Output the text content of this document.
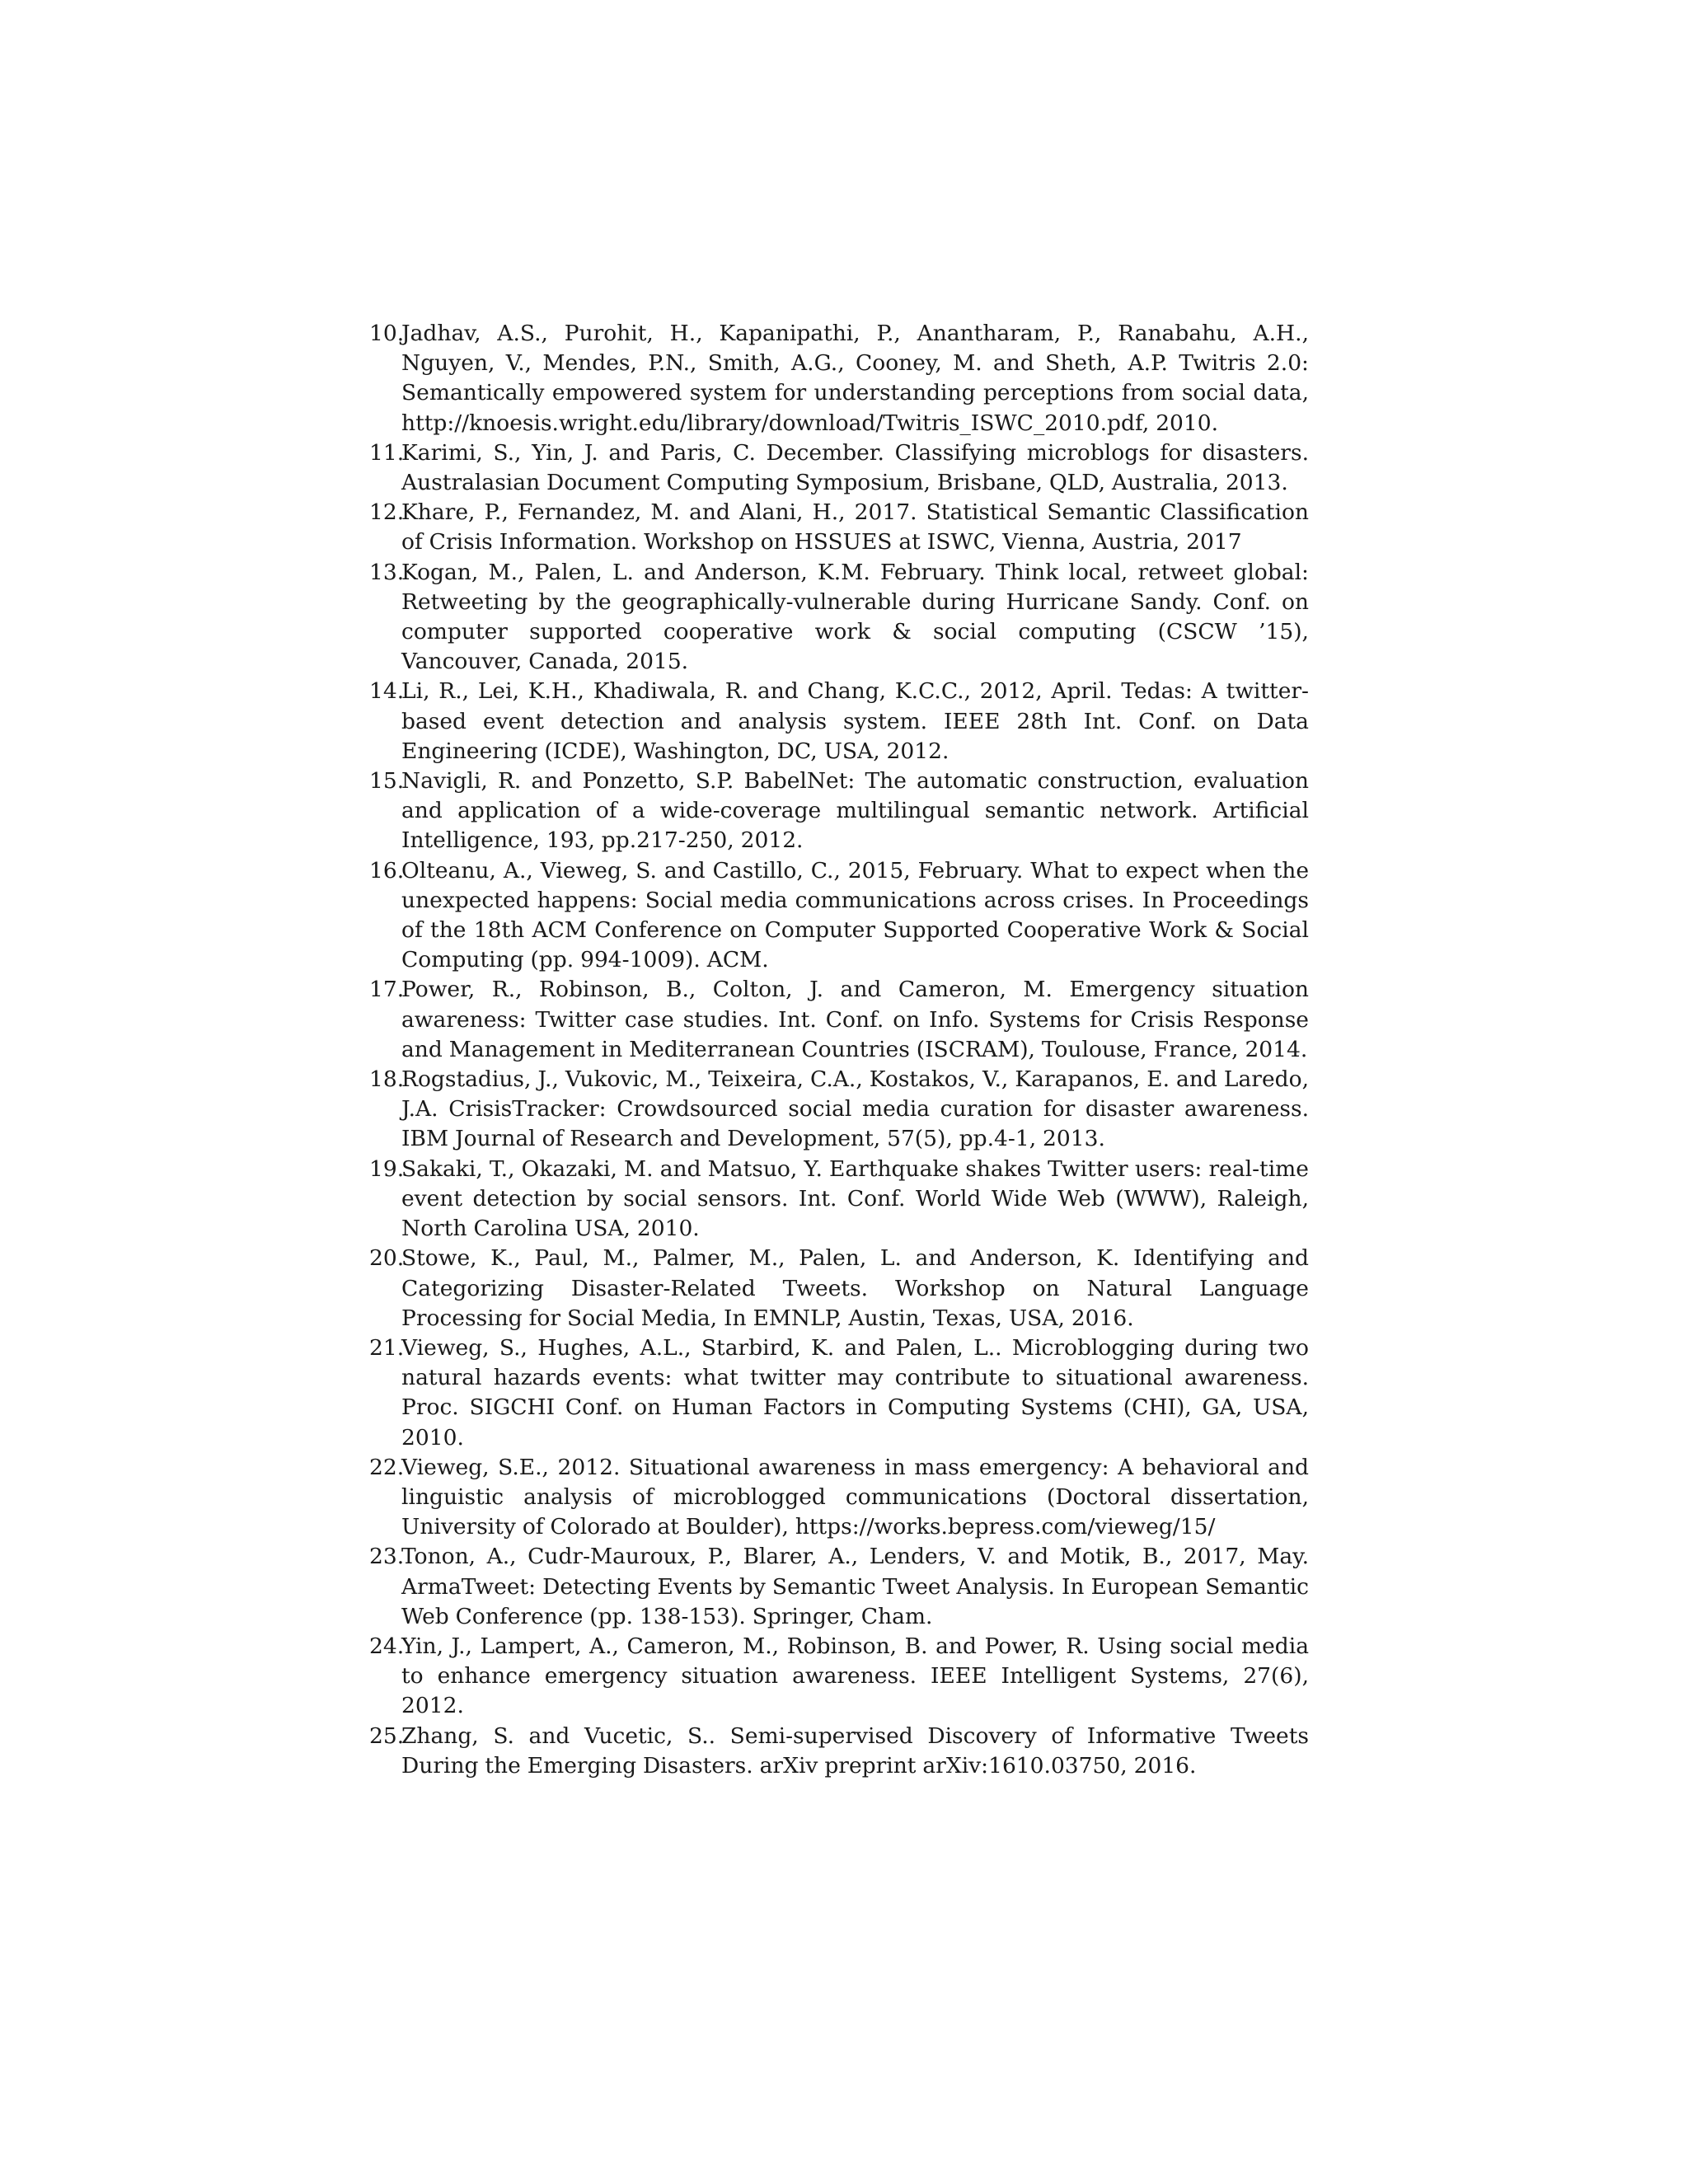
10.
Jadhav, A.S., Purohit, H., Kapanipathi, P., Anantharam, P., Ranabahu, A.H., Nguyen, V., Mendes, P.N., Smith, A.G., Cooney, M. and Sheth, A.P. Twitris 2.0: Semantically empowered system for understanding perceptions from social data, http://knoesis.wright.edu/library/download/Twitris_ISWC_2010.pdf, 2010.
11.
Karimi, S., Yin, J. and Paris, C. December. Classifying microblogs for disasters. Australasian Document Computing Symposium, Brisbane, QLD, Australia, 2013.
12.
Khare, P., Fernandez, M. and Alani, H., 2017. Statistical Semantic Classification of Crisis Information. Workshop on HSSUES at ISWC, Vienna, Austria, 2017
13.
Kogan, M., Palen, L. and Anderson, K.M. February. Think local, retweet global: Retweeting by the geographically-vulnerable during Hurricane Sandy. Conf. on computer supported cooperative work & social computing (CSCW ’15), Vancouver, Canada, 2015.
14.
Li, R., Lei, K.H., Khadiwala, R. and Chang, K.C.C., 2012, April. Tedas: A twitter-based event detection and analysis system. IEEE 28th Int. Conf. on Data Engineering (ICDE), Washington, DC, USA, 2012.
15.
Navigli, R. and Ponzetto, S.P. BabelNet: The automatic construction, evaluation and application of a wide-coverage multilingual semantic network. Artificial Intelligence, 193, pp.217-250, 2012.
16.
Olteanu, A., Vieweg, S. and Castillo, C., 2015, February. What to expect when the unexpected happens: Social media communications across crises. In Proceedings of the 18th ACM Conference on Computer Supported Cooperative Work & Social Computing (pp. 994-1009). ACM.
17.
Power, R., Robinson, B., Colton, J. and Cameron, M. Emergency situation awareness: Twitter case studies. Int. Conf. on Info. Systems for Crisis Response and Management in Mediterranean Countries (ISCRAM), Toulouse, France, 2014.
18.
Rogstadius, J., Vukovic, M., Teixeira, C.A., Kostakos, V., Karapanos, E. and Laredo, J.A. CrisisTracker: Crowdsourced social media curation for disaster awareness. IBM Journal of Research and Development, 57(5), pp.4-1, 2013.
19.
Sakaki, T., Okazaki, M. and Matsuo, Y. Earthquake shakes Twitter users: real-time event detection by social sensors. Int. Conf. World Wide Web (WWW), Raleigh, North Carolina USA, 2010.
20.
Stowe, K., Paul, M., Palmer, M., Palen, L. and Anderson, K. Identifying and Categorizing Disaster-Related Tweets. Workshop on Natural Language Processing for Social Media, In EMNLP, Austin, Texas, USA, 2016.
21.
Vieweg, S., Hughes, A.L., Starbird, K. and Palen, L.. Microblogging during two natural hazards events: what twitter may contribute to situational awareness. Proc. SIGCHI Conf. on Human Factors in Computing Systems (CHI), GA, USA, 2010.
22.
Vieweg, S.E., 2012. Situational awareness in mass emergency: A behavioral and linguistic analysis of microblogged communications (Doctoral dissertation, University of Colorado at Boulder), https://works.bepress.com/vieweg/15/
23.
Tonon, A., Cudr-Mauroux, P., Blarer, A., Lenders, V. and Motik, B., 2017, May. ArmaTweet: Detecting Events by Semantic Tweet Analysis. In European Semantic Web Conference (pp. 138-153). Springer, Cham.
24.
Yin, J., Lampert, A., Cameron, M., Robinson, B. and Power, R. Using social media to enhance emergency situation awareness. IEEE Intelligent Systems, 27(6), 2012.
25.
Zhang, S. and Vucetic, S.. Semi-supervised Discovery of Informative Tweets During the Emerging Disasters. arXiv preprint arXiv:1610.03750, 2016.
